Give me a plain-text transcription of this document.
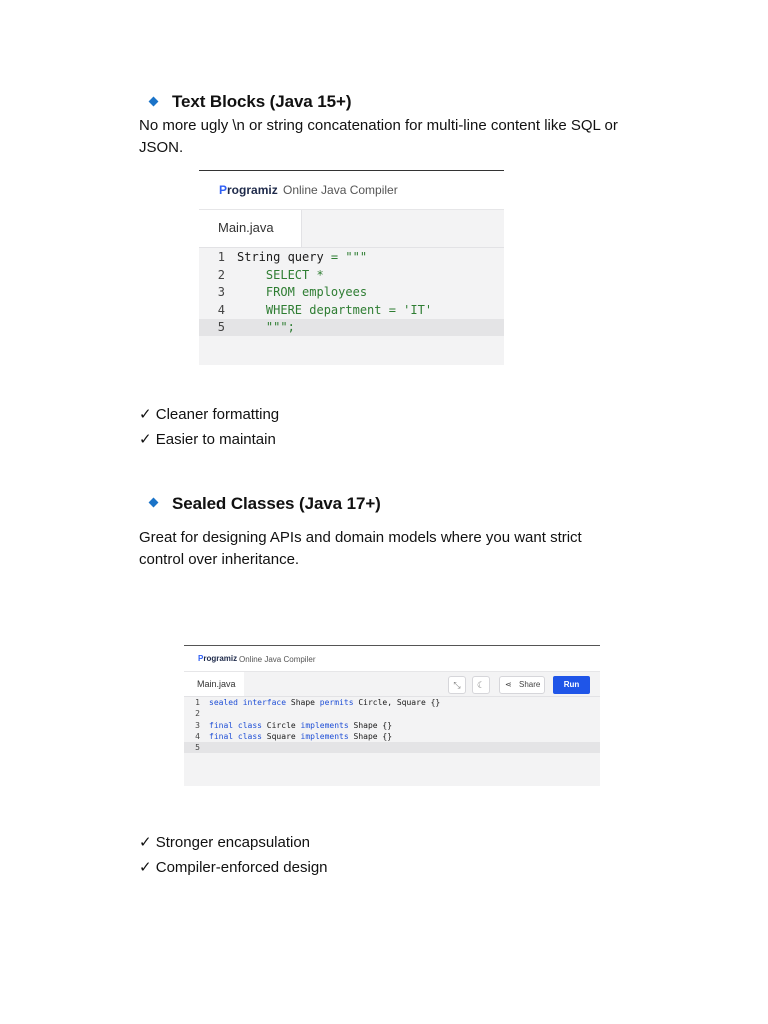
Text Blocks (Java 15+)
No more ugly \n or string concatenation for multi-line content like SQL or
JSON.
Programiz Online Java Compiler
Main.java
1 String query = """
2 SELECT *
3 FROM employees
4 WHERE department = 'IT'
5 """;
✓ Cleaner formatting
✓ Easier to maintain
Sealed Classes (Java 17+)
Great for designing APIs and domain models where you want strict
control over inheritance.
Programiz Online Java Compiler
Main.java	⤡	☾	⋖ Share	Run
1 sealed interface Shape permits Circle, Square {}
2
3 final class Circle implements Shape {}
4 final class Square implements Shape {}
5
✓ Stronger encapsulation
✓ Compiler-enforced design
